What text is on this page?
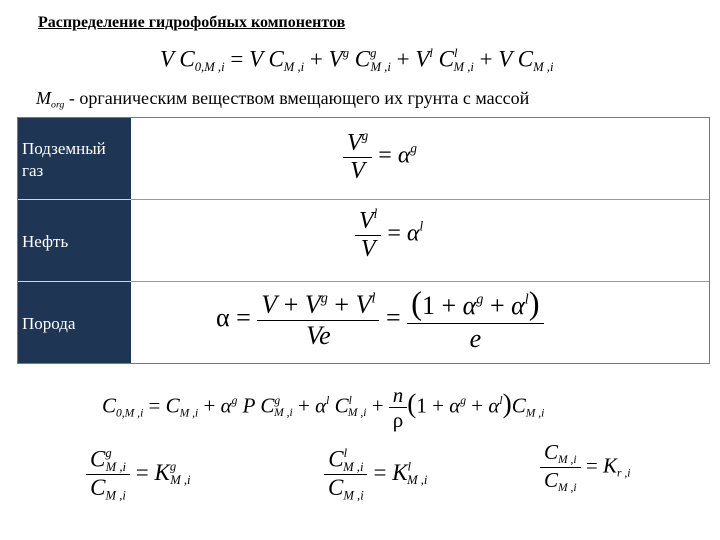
Распределение гидрофобных компонентов
V $C_{0,M ,i} = V$ $C_{M ,i} + V^g$ $C^g_{M ,i} + V^l$ $C^l_{M ,i} + V$ $C_{M ,i}$
$M_{org}$ - органическим веществом вмещающего их грунта с массой
Подземный газ
Нефть
Порода
$\frac{V^g}{V} = \alpha^g$
$\frac{V^l}{V} = \alpha^l$
$\alpha = \frac{V + V^g + V^l}{Ve} = \frac{(1 + \alpha^g + \alpha^l)}{e}$
$C_{0,M ,i} = C_{M ,i} + \alpha^g$ P $C^g_{M ,i} + \alpha^l$ $C^l_{M ,i} + \frac{n}{\rho} (1 + \alpha^g + \alpha^l)C_{M ,i}$
$\frac{C^g_{M ,i}}{C_{M ,i}} = K^g_{M ,i}$	$\frac{C^l_{M ,i}}{C_{M ,i}} = K^l_{M ,i}$	$\frac{C_{M ,i}}{C_{M ,i}} = K_{r ,i}$
